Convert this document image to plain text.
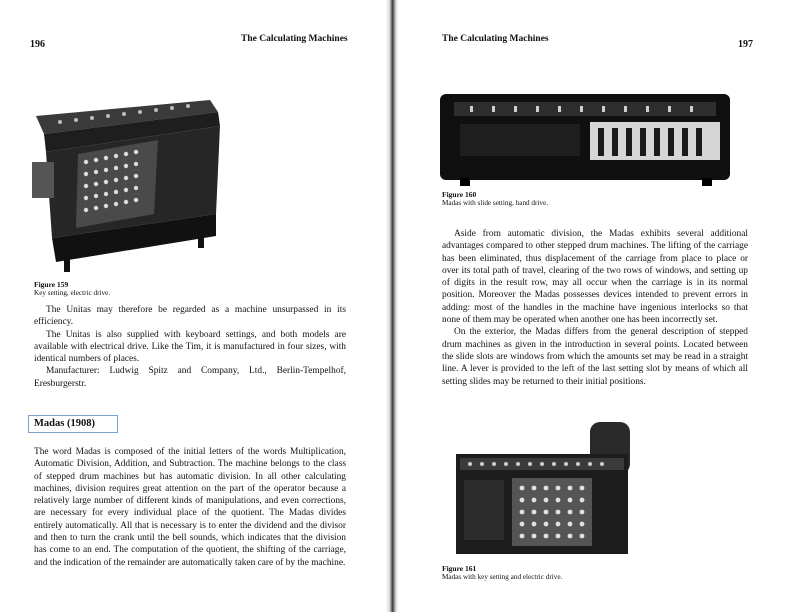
196	The Calculating Machines
Figure 159
Key setting, electric drive.

The Unitas may therefore be regarded as a machine unsurpassed in its efficiency.

The Unitas is also supplied with keyboard settings, and both models are available with electrical drive. Like the Tim, it is manufactured in four sizes, with identical numbers of places.

Manufacturer: Ludwig Spitz and Company, Ltd., Berlin-Tempelhof, Eresburgerstr.

Madas (1908)

The word Madas is composed of the initial letters of the words Multiplication, Automatic Division, Addition, and Subtraction. The machine belongs to the class of stepped drum machines but has automatic division. In all other calculating machines, division requires great attention on the part of the operator because a relatively large number of different kinds of manipulations, and even corrections, are necessary for every individual place of the quotient. The Madas divides entirely automatically. All that is necessary is to enter the dividend and the divisor and then to turn the crank until the bell sounds, which indicates that the division has come to an end. The computation of the quotient, the shifting of the carriage, and the indication of the remainder are automatically taken care of by the machine.

The Calculating Machines	197
Figure 160
Madas with slide setting, hand drive.

Aside from automatic division, the Madas exhibits several additional advantages compared to other stepped drum machines. The lifting of the carriage has been eliminated, thus displacement of the carriage from place to place or over its total path of travel, clearing of the two rows of windows, and setting up of digits in the result row, may all occur when the carriage is in its normal position. Moreover the Madas possesses devices intended to prevent errors in adding: most of the handles in the machine have ingenious interlocks so that none of them may be operated when another one has been incorrectly set.

On the exterior, the Madas differs from the general description of stepped drum machines as given in the introduction in several points. Located between the slide slots are windows from which the amounts set may be read in a straight line. A lever is provided to the left of the last setting slot by means of which all setting slides may be returned to their initial positions.

Figure 161
Madas with key setting and electric drive.
